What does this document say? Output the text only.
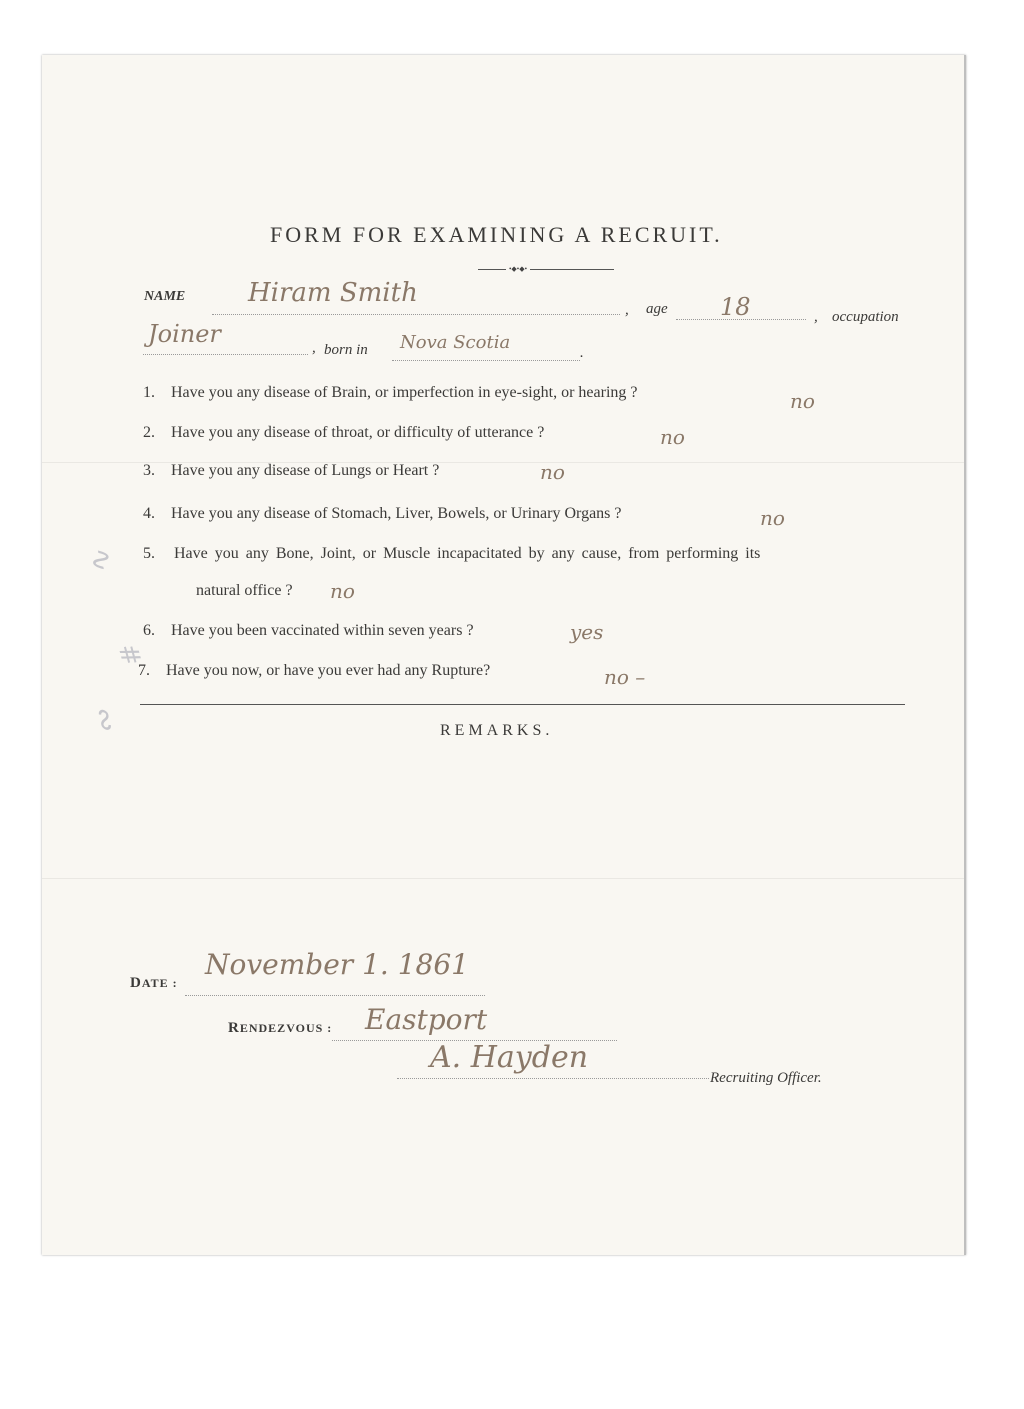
∿
#
∾
FORM FOR EXAMINING A RECRUIT.
•◆•◆•
NAME Hiram Smith
, age 18	, occupation
Joiner	, born in Nova Scotia	.
1. Have you any disease of Brain, or imperfection in eye-sight, or hearing ?	no
2. Have you any disease of throat, or difficulty of utterance ?	no
3. Have you any disease of Lungs or Heart ?	no
4. Have you any disease of Stomach, Liver, Bowels, or Urinary Organs ?	no
5. Have you any Bone, Joint, or Muscle incapacitated by any cause, from performing its
natural office ? no
6. Have you been vaccinated within seven years ?	yes
7. Have you now, or have you ever had any Rupture?	no –
REMARKS.
DATE :
November 1. 1861
RENDEZVOUS : Eastport
A. Hayden
Recruiting Officer.
